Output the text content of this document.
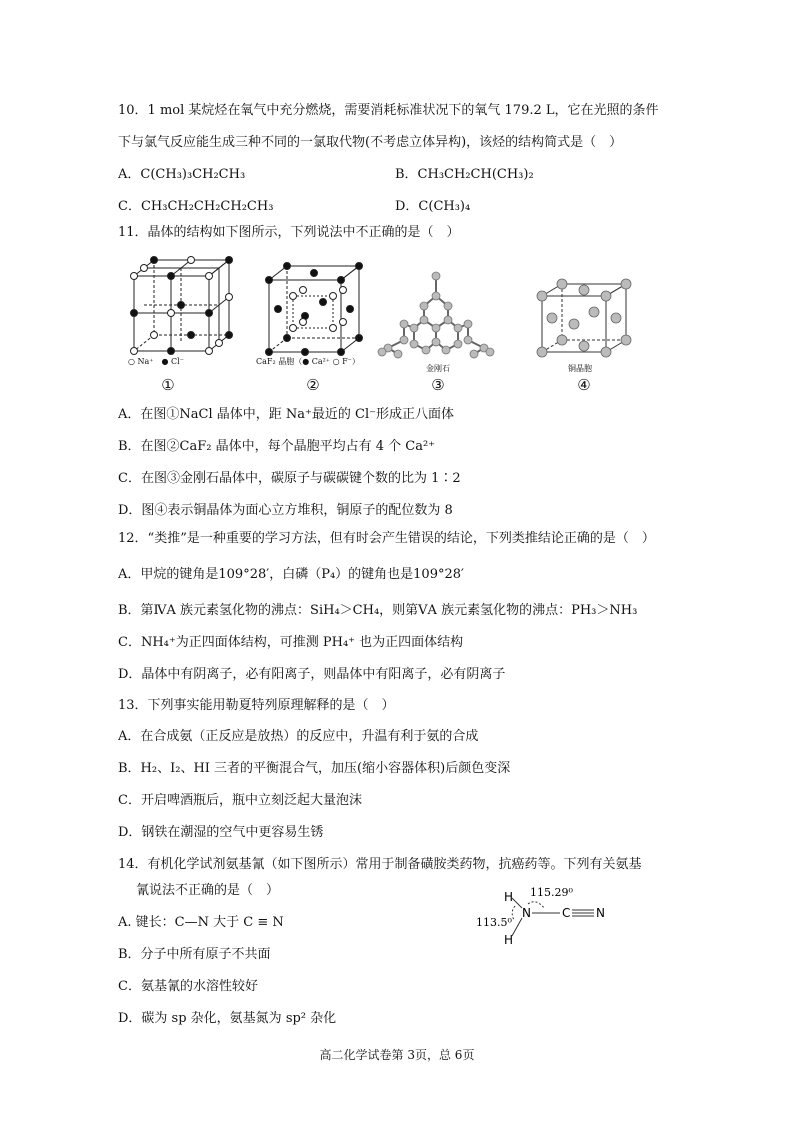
10．1 mol 某烷烃在氧气中充分燃烧，需要消耗标准状况下的氧气 179.2 L，它在光照的条件
下与氯气反应能生成三种不同的一氯取代物(不考虑立体异构)，该烃的结构简式是（　）
A．C(CH₃)₃CH₂CH₃	B．CH₃CH₂CH(CH₃)₂
C．CH₃CH₂CH₂CH₂CH₃	D．C(CH₃)₄
11．晶体的结构如下图所示，下列说法中不正确的是（　）
○ Na⁺　● Cl⁻	CaF₂ 晶胞（● Ca²⁺ ○ F⁻）
金刚石	铜晶胞
①	②	③	④
A．在图①NaCl 晶体中，距 Na⁺最近的 Cl⁻形成正八面体
B．在图②CaF₂ 晶体中，每个晶胞平均占有 4 个 Ca²⁺
C．在图③金刚石晶体中，碳原子与碳碳键个数的比为 1∶2
D．图④表示铜晶体为面心立方堆积，铜原子的配位数为 8
12．“类推”是一种重要的学习方法，但有时会产生错误的结论，下列类推结论正确的是（　）
A．甲烷的键角是109°28′，白磷（P₄）的键角也是109°28′
B．第ⅣA 族元素氢化物的沸点：SiH₄＞CH₄，则第ⅤA 族元素氢化物的沸点：PH₃＞NH₃
C．NH₄⁺为正四面体结构，可推测 PH₄⁺ 也为正四面体结构
D．晶体中有阴离子，必有阳离子，则晶体中有阳离子，必有阴离子
13．下列事实能用勒夏特列原理解释的是（　）
A．在合成氨（正反应是放热）的反应中，升温有利于氨的合成
B．H₂、I₂、HI 三者的平衡混合气，加压(缩小容器体积)后颜色变深
C．开启啤酒瓶后，瓶中立刻泛起大量泡沫
D．钢铁在潮湿的空气中更容易生锈
14．有机化学试剂氨基氰（如下图所示）常用于制备磺胺类药物，抗癌药等。下列有关氨基
氰说法不正确的是（　）	H
N
H
C N
115.29⁰
113.5⁰
A. 键长：C—N 大于 C ≡ N
B．分子中所有原子不共面
C．氨基氰的水溶性较好
D．碳为 sp 杂化，氨基氮为 sp² 杂化
高二化学试卷第 3页，总 6页
